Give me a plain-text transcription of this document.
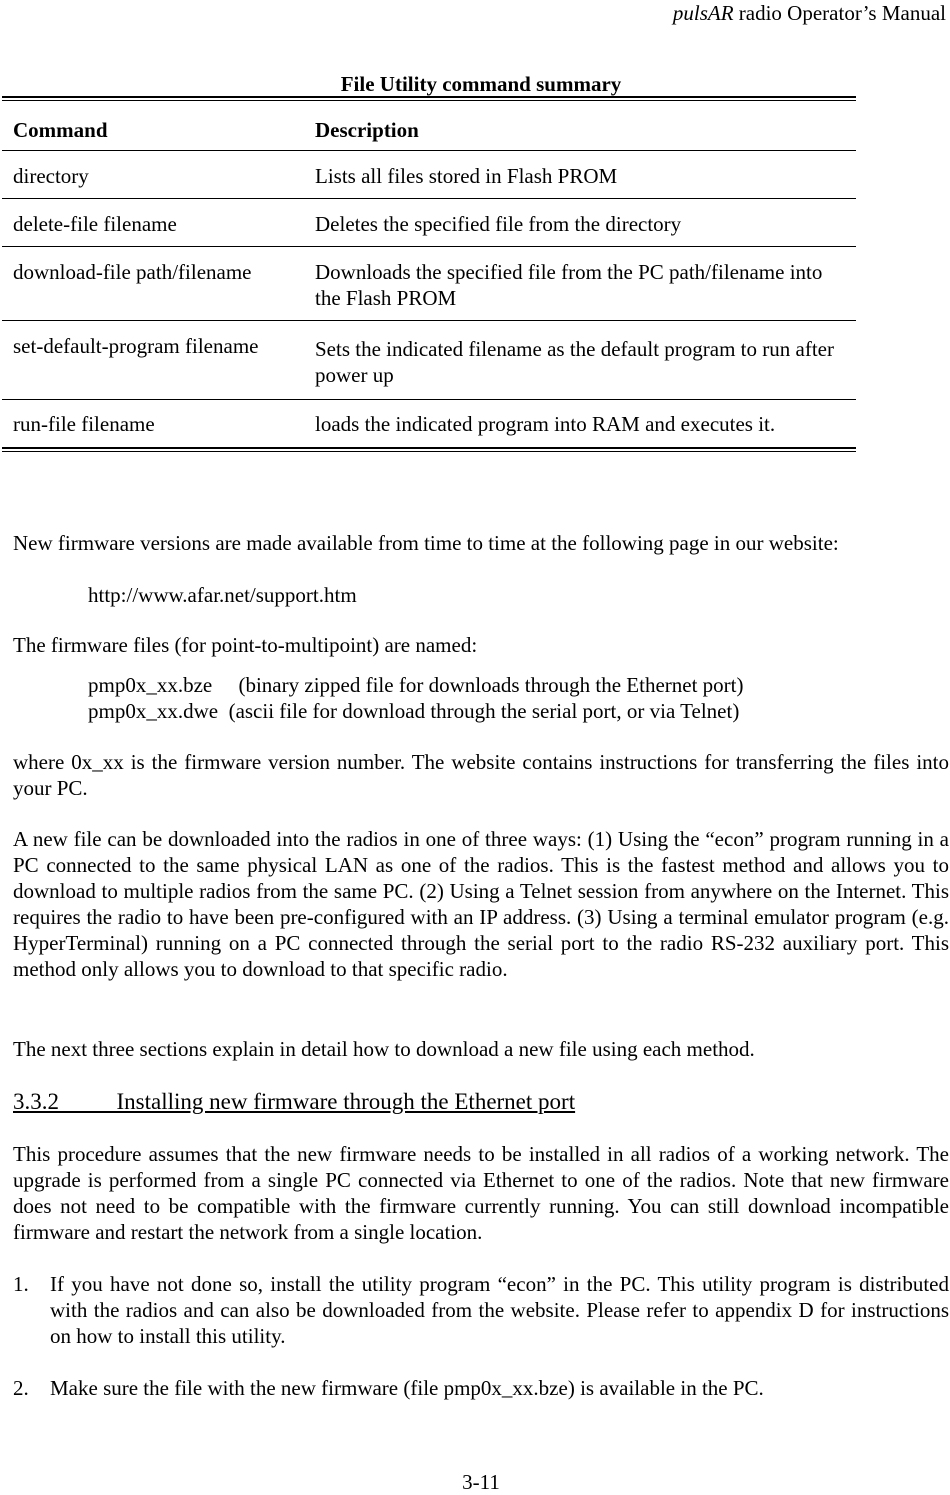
pulsAR radio Operator’s Manual
File Utility command summary
Command	Description
directory	Lists all files stored in Flash PROM
delete-file filename	Deletes the specified file from the directory
download-file path/filename	Downloads the specified file from the PC path/filename into the Flash PROM
set-default-program filename	Sets the indicated filename as the default program to run after power up
run-file filename	loads the indicated program into RAM and executes it.
New firmware versions are made available from time to time at the following page in our website:
http://www.afar.net/support.htm
The firmware files (for point-to-multipoint) are named:
pmp0x_xx.bze     (binary zipped file for downloads through the Ethernet port)
pmp0x_xx.dwe  (ascii file for download through the serial port, or via Telnet)
where 0x_xx is the firmware version number. The website contains instructions for transferring the files into your PC.
A new file can be downloaded into the radios in one of three ways: (1) Using the “econ” program running in a PC connected to the same physical LAN as one of the radios. This is the fastest method and allows you to download to multiple radios from the same PC. (2) Using a Telnet session from anywhere on the Internet. This requires the radio to have been pre-configured with an IP address. (3) Using a terminal emulator program (e.g. HyperTerminal) running on a PC connected through the serial port to the radio RS-232 auxiliary port. This method only allows you to download to that specific radio.
The next three sections explain in detail how to download a new file using each method.
3.3.2	Installing new firmware through the Ethernet port
This procedure assumes that the new firmware needs to be installed in all radios of a working network. The upgrade is performed from a single PC connected via Ethernet to one of the radios. Note that new firmware does not need to be compatible with the firmware currently running. You can still download incompatible firmware and restart the network from a single location.
1. If you have not done so, install the utility program “econ” in the PC. This utility program is distributed with the radios and can also be downloaded from the website. Please refer to appendix D for instructions on how to install this utility.
2. Make sure the file with the new firmware (file pmp0x_xx.bze) is available in the PC.
3-11
